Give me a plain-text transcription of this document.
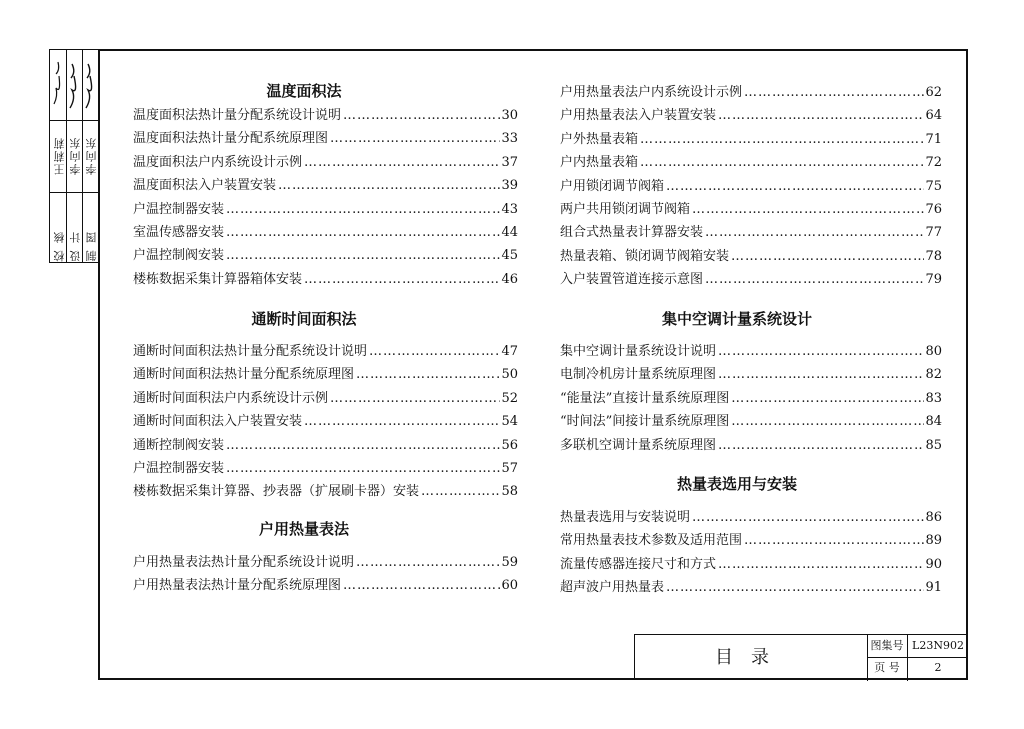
校 核 设 计 制 图
王莉莉 李向东 李向东
温度面积法
温度面积法热计量分配系统设计说明 ……………………………………………………………………………………………………………………………………………………	30
温度面积法热计量分配系统原理图 ……………………………………………………………………………………………………………………………………………………	33
温度面积法户内系统设计示例 ……………………………………………………………………………………………………………………………………………………	37
温度面积法入户装置安装 ……………………………………………………………………………………………………………………………………………………	39
户温控制器安装 ……………………………………………………………………………………………………………………………………………………	43
室温传感器安装 ……………………………………………………………………………………………………………………………………………………	44
户温控制阀安装 ……………………………………………………………………………………………………………………………………………………	45
楼栋数据采集计算器箱体安装 ……………………………………………………………………………………………………………………………………………………	46
通断时间面积法
通断时间面积法热计量分配系统设计说明 ……………………………………………………………………………………………………………………………………………………	47
通断时间面积法热计量分配系统原理图 ……………………………………………………………………………………………………………………………………………………	50
通断时间面积法户内系统设计示例 ……………………………………………………………………………………………………………………………………………………	52
通断时间面积法入户装置安装 ……………………………………………………………………………………………………………………………………………………	54
通断控制阀安装 ……………………………………………………………………………………………………………………………………………………	56
户温控制器安装 ……………………………………………………………………………………………………………………………………………………	57
楼栋数据采集计算器、抄表器（扩展刷卡器）安装 ……………………………………………………………………………………………………………………………………………………	58
户用热量表法
户用热量表法热计量分配系统设计说明 ……………………………………………………………………………………………………………………………………………………	59
户用热量表法热计量分配系统原理图 ……………………………………………………………………………………………………………………………………………………	60
户用热量表法户内系统设计示例 ……………………………………………………………………………………………………………………………………………………	62
户用热量表法入户装置安装 ……………………………………………………………………………………………………………………………………………………	64
户外热量表箱 ……………………………………………………………………………………………………………………………………………………	71
户内热量表箱 ……………………………………………………………………………………………………………………………………………………	72
户用锁闭调节阀箱 ……………………………………………………………………………………………………………………………………………………	75
两户共用锁闭调节阀箱 ……………………………………………………………………………………………………………………………………………………	76
组合式热量表计算器安装 ……………………………………………………………………………………………………………………………………………………	77
热量表箱、锁闭调节阀箱安装 ……………………………………………………………………………………………………………………………………………………	78
入户装置管道连接示意图 ……………………………………………………………………………………………………………………………………………………	79
集中空调计量系统设计
集中空调计量系统设计说明 ……………………………………………………………………………………………………………………………………………………	80
电制冷机房计量系统原理图 ……………………………………………………………………………………………………………………………………………………	82
“能量法”直接计量系统原理图 ……………………………………………………………………………………………………………………………………………………	83
“时间法”间接计量系统原理图 ……………………………………………………………………………………………………………………………………………………	84
多联机空调计量系统原理图 ……………………………………………………………………………………………………………………………………………………	85
热量表选用与安装
热量表选用与安装说明 ……………………………………………………………………………………………………………………………………………………	86
常用热量表技术参数及适用范围 ……………………………………………………………………………………………………………………………………………………	89
流量传感器连接尺寸和方式 ……………………………………………………………………………………………………………………………………………………	90
超声波户用热量表 ……………………………………………………………………………………………………………………………………………………	91
目录
图集号 L23N902
页 号	2
